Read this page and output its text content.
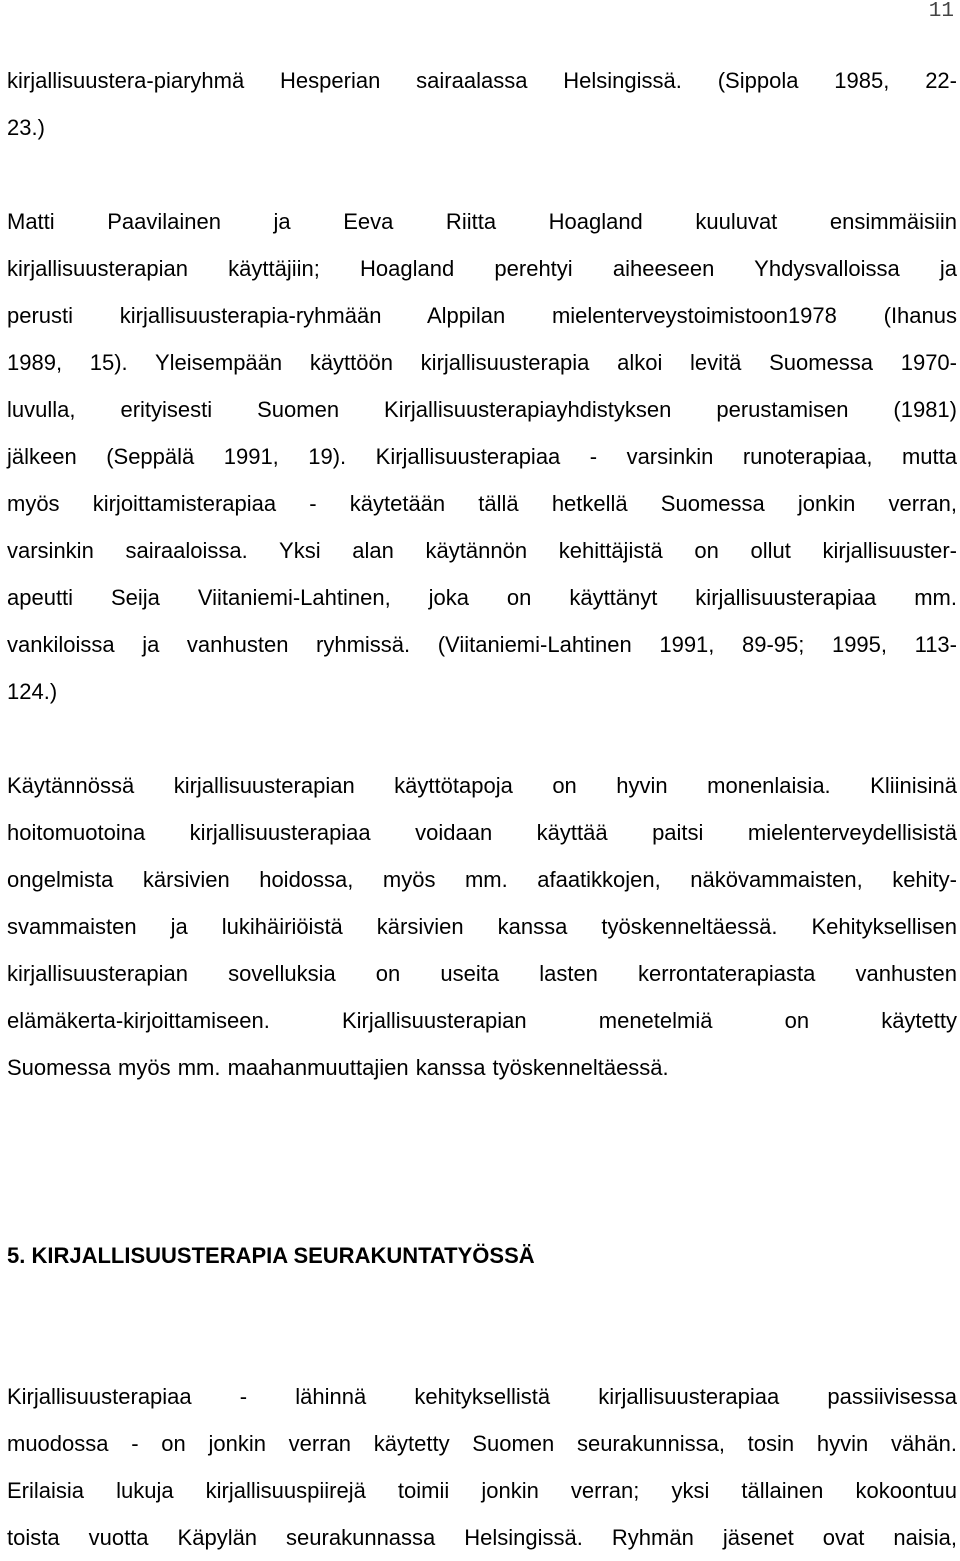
11

kirjallisuustera-piaryhmä Hesperian sairaalassa Helsingissä. (Sippola 1985, 22-
23.)

Matti Paavilainen ja Eeva Riitta Hoagland kuuluvat ensimmäisiin
kirjallisuusterapian käyttäjiin; Hoagland perehtyi aiheeseen Yhdysvalloissa ja
perusti kirjallisuusterapia-ryhmään Alppilan mielenterveystoimistoon1978 (Ihanus
1989, 15). Yleisempään käyttöön kirjallisuusterapia alkoi levitä Suomessa 1970-
luvulla, erityisesti Suomen Kirjallisuusterapiayhdistyksen perustamisen (1981)
jälkeen (Seppälä 1991, 19). Kirjallisuusterapiaa - varsinkin runoterapiaa, mutta
myös kirjoittamisterapiaa - käytetään tällä hetkellä Suomessa jonkin verran,
varsinkin sairaaloissa. Yksi alan käytännön kehittäjistä on ollut kirjallisuuster-
apeutti Seija Viitaniemi-Lahtinen, joka on käyttänyt kirjallisuusterapiaa mm.
vankiloissa ja vanhusten ryhmissä. (Viitaniemi-Lahtinen 1991, 89-95; 1995, 113-
124.)

Käytännössä kirjallisuusterapian käyttötapoja on hyvin monenlaisia. Kliinisinä
hoitomuotoina kirjallisuusterapiaa voidaan käyttää paitsi mielenterveydellisistä
ongelmista kärsivien hoidossa, myös mm. afaatikkojen, näkövammaisten, kehity-
svammaisten ja lukihäiriöistä kärsivien kanssa työskenneltäessä. Kehityksellisen
kirjallisuusterapian sovelluksia on useita lasten kerrontaterapiasta vanhusten
elämäkerta-kirjoittamiseen. Kirjallisuusterapian menetelmiä on käytetty
Suomessa myös mm. maahanmuuttajien kanssa työskenneltäessä.

5. KIRJALLISUUSTERAPIA SEURAKUNTATYÖSSÄ

Kirjallisuusterapiaa - lähinnä kehityksellistä kirjallisuusterapiaa passiivisessa
muodossa - on jonkin verran käytetty Suomen seurakunnissa, tosin hyvin vähän.
Erilaisia lukuja kirjallisuuspiirejä toimii jonkin verran; yksi tällainen kokoontuu
toista vuotta Käpylän seurakunnassa Helsingissä. Ryhmän jäsenet ovat naisia,
